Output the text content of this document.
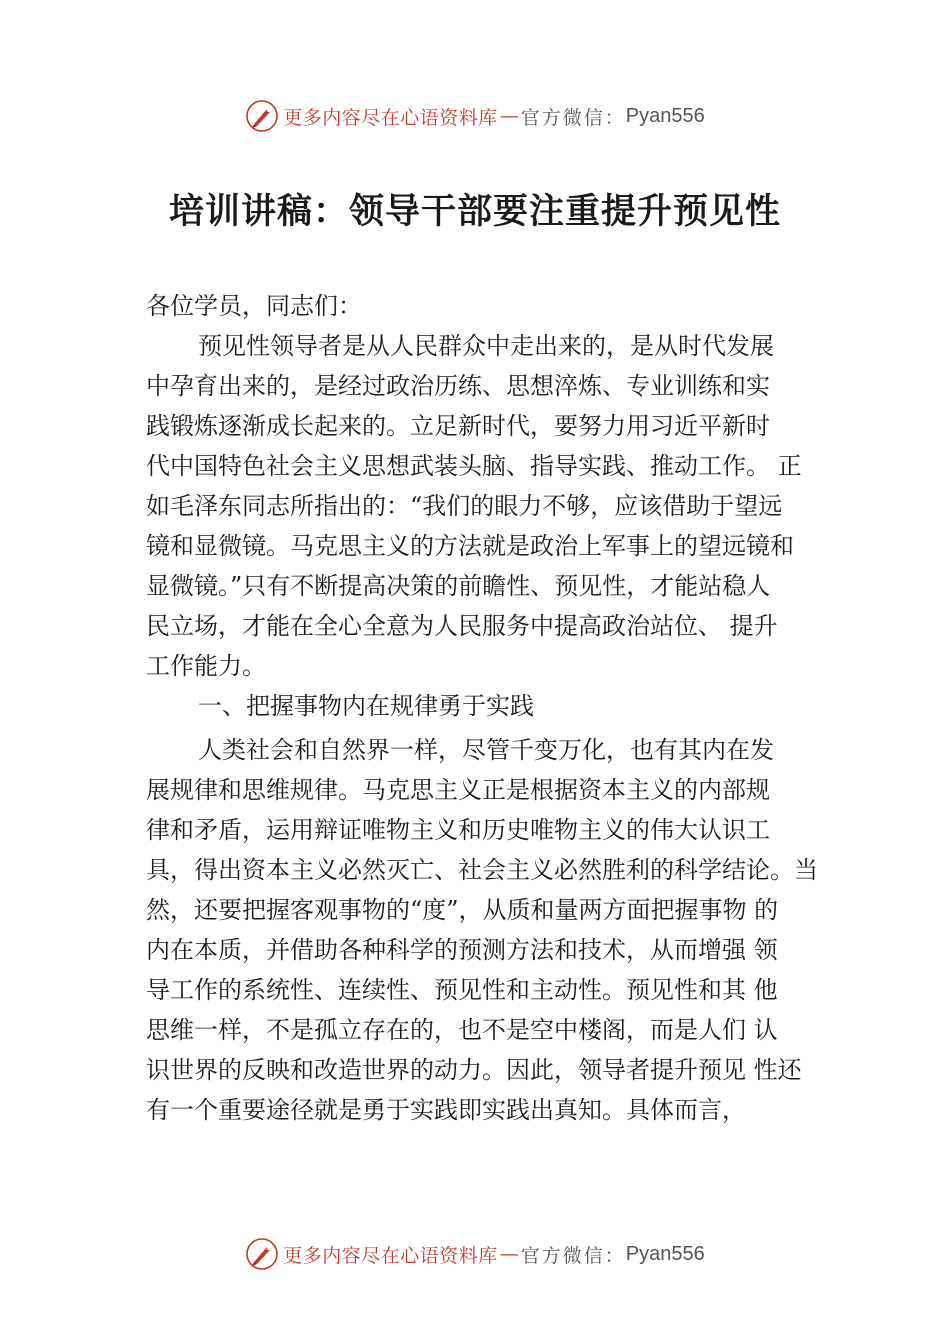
更多内容尽在心语资料库 — 官方微信： Pyan556
培训讲稿：领导干部要注重提升预见性
各位学员，同志们：
预见性领导者是从人民群众中走出来的，是从时代发展
中孕育出来的，是经过政治历练、思想淬炼、专业训练和实
践锻炼逐渐成长起来的。立足新时代，要努力用习近平新时
代中国特色社会主义思想武装头脑、指导实践、推动工作。 正
如毛泽东同志所指出的：“我们的眼力不够，应该借助于望远
镜和显微镜。马克思主义的方法就是政治上军事上的望远镜和
显微镜。”只有不断提高决策的前瞻性、预见性，才能站稳人
民立场，才能在全心全意为人民服务中提高政治站位、 提升
工作能力。
一、把握事物内在规律勇于实践
人类社会和自然界一样，尽管千变万化，也有其内在发
展规律和思维规律。马克思主义正是根据资本主义的内部规
律和矛盾，运用辩证唯物主义和历史唯物主义的伟大认识工
具，得出资本主义必然灭亡、社会主义必然胜利的科学结论。当
然，还要把握客观事物的“度”，从质和量两方面把握事物 的
内在本质，并借助各种科学的预测方法和技术，从而增强 领
导工作的系统性、连续性、预见性和主动性。预见性和其 他
思维一样，不是孤立存在的，也不是空中楼阁，而是人们 认
识世界的反映和改造世界的动力。因此，领导者提升预见 性还
有一个重要途径就是勇于实践即实践出真知。具体而言，
更多内容尽在心语资料库 — 官方微信： Pyan556
